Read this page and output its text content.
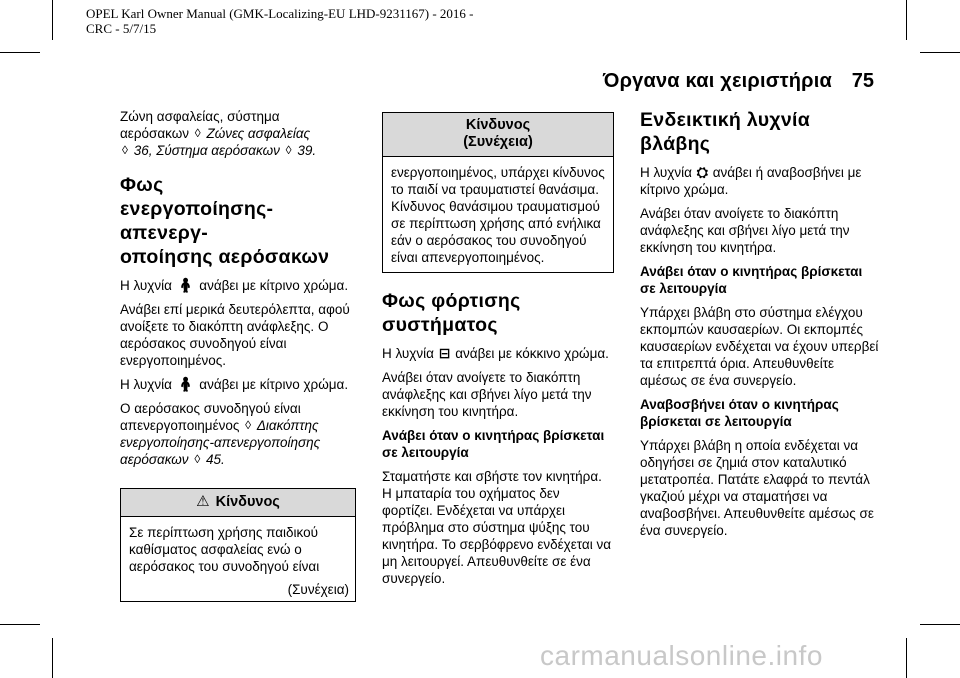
OPEL Karl Owner Manual (GMK-Localizing-EU LHD-9231167) - 2016 -
CRC - 5/7/15
Όργανα και χειριστήρια 75

Ζώνη ασφαλείας, σύστημα
αερόσακων ◊ Ζώνες ασφαλείας
◊ 36, Σύστημα αερόσακων ◊ 39.

Φως
ενεργοποίησης-απενεργ-
οποίησης αερόσακων

Η λυχνία 🧍︎ ανάβει με κίτρινο χρώμα.

Ανάβει επί μερικά δευτερόλεπτα, αφού ανοίξετε το διακόπτη ανάφλεξης. Ο αερόσακος συνοδηγού είναι ενεργοποιημένος.

Η λυχνία 🧍︎ ανάβει με κίτρινο χρώμα.

Ο αερόσακος συνοδηγού είναι απενεργοποιημένος ◊ Διακόπτης ενεργοποίησης-απενεργοποίησης αερόσακων ◊ 45.

⚠ Κίνδυνος
Σε περίπτωση χρήσης παιδικού καθίσματος ασφαλείας ενώ ο αερόσακος του συνοδηγού είναι
(Συνέχεια)
Κίνδυνος
(Συνέχεια)
ενεργοποιημένος, υπάρχει κίνδυνος το παιδί να τραυματιστεί θανάσιμα. Κίνδυνος θανάσιμου τραυματισμού σε περίπτωση χρήσης από ενήλικα εάν ο αερόσακος του συνοδηγού είναι απενεργοποιημένος.
Φως φόρτισης
συστήματος

Η λυχνία ⊟ ανάβει με κόκκινο χρώμα.

Ανάβει όταν ανοίγετε το διακόπτη ανάφλεξης και σβήνει λίγο μετά την εκκίνηση του κινητήρα.

Ανάβει όταν ο κινητήρας βρίσκεται σε λειτουργία

Σταματήστε και σβήστε τον κινητήρα. Η μπαταρία του οχήματος δεν φορτίζει. Ενδέχεται να υπάρχει πρόβλημα στο σύστημα ψύξης του κινητήρα. Το σερβόφρενο ενδέχεται να μη λειτουργεί. Απευθυνθείτε σε ένα συνεργείο.

Ενδεικτική λυχνία βλάβης

Η λυχνία ⛭ ανάβει ή αναβοσβήνει με κίτρινο χρώμα.

Ανάβει όταν ανοίγετε το διακόπτη ανάφλεξης και σβήνει λίγο μετά την εκκίνηση του κινητήρα.

Ανάβει όταν ο κινητήρας βρίσκεται σε λειτουργία

Υπάρχει βλάβη στο σύστημα ελέγχου εκπομπών καυσαερίων. Οι εκπομπές καυσαερίων ενδέχεται να έχουν υπερβεί τα επιτρεπτά όρια. Απευθυνθείτε αμέσως σε ένα συνεργείο.

Αναβοσβήνει όταν ο κινητήρας βρίσκεται σε λειτουργία

Υπάρχει βλάβη η οποία ενδέχεται να οδηγήσει σε ζημιά στον καταλυτικό μετατροπέα. Πατάτε ελαφρά το πεντάλ γκαζιού μέχρι να σταματήσει να αναβοσβήνει. Απευθυνθείτε αμέσως σε ένα συνεργείο.

carmanualsonline.info
